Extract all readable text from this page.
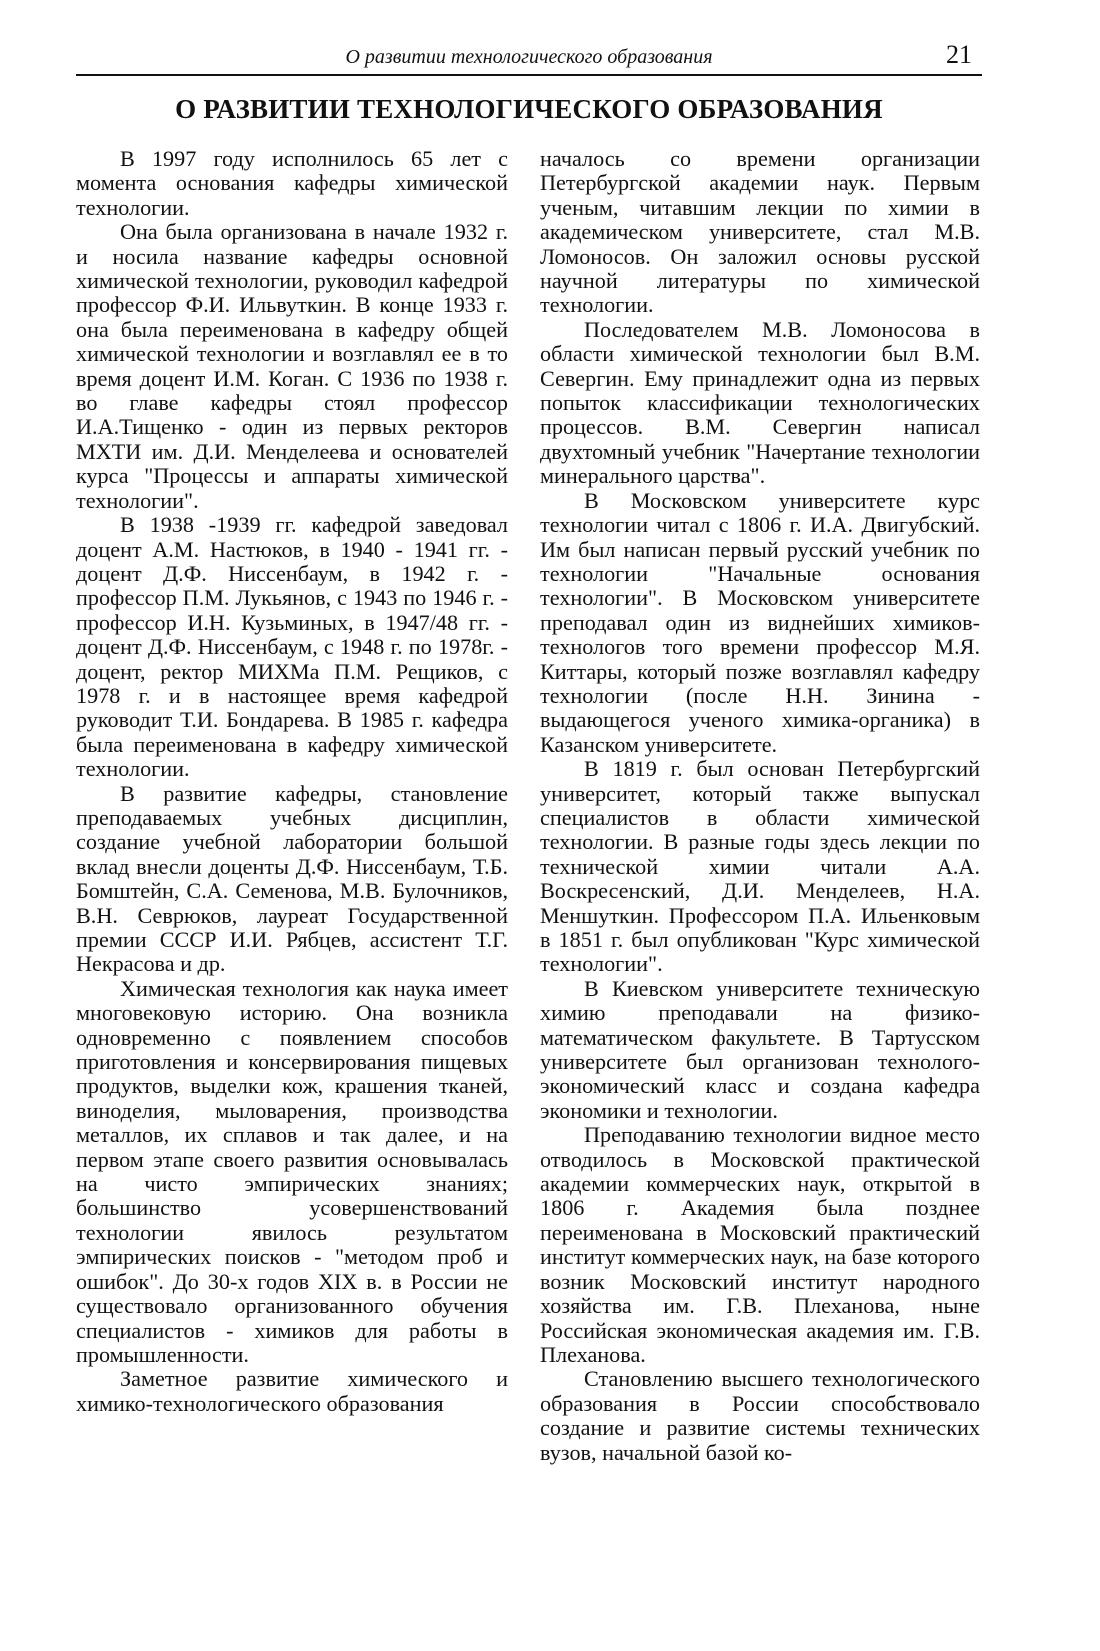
О развитии технологического образования	21
О РАЗВИТИИ ТЕХНОЛОГИЧЕСКОГО ОБРАЗОВАНИЯ

В 1997 году исполнилось 65 лет с момента основания кафедры химической технологии.

Она была организована в начале 1932 г. и носила название кафедры основной химической технологии, руководил кафедрой профессор Ф.И. Ильвуткин. В конце 1933 г. она была переименована в кафедру общей химической технологии и возглавлял ее в то время доцент И.М. Коган. С 1936 по 1938 г. во главе кафедры стоял профессор И.А.Тищенко - один из первых ректоров МХТИ им. Д.И. Менделеева и основателей курса "Процессы и аппараты химической технологии".

В 1938 -1939 гг. кафедрой заведовал доцент А.М. Настюков, в 1940 - 1941 гг. - доцент Д.Ф. Ниссенбаум, в 1942 г. - профессор П.М. Лукьянов, с 1943 по 1946 г. - профессор И.Н. Кузьминых, в 1947/48 гг. - доцент Д.Ф. Ниссенбаум, с 1948 г. по 1978г. - доцент, ректор МИХМа П.М. Рещиков, с 1978 г. и в настоящее время кафедрой руководит Т.И. Бондарева. В 1985 г. кафедра была переименована в кафедру химической технологии.

В развитие кафедры, становление преподаваемых учебных дисциплин, создание учебной лаборатории большой вклад внесли доценты Д.Ф. Ниссенбаум, Т.Б. Бомштейн, С.А. Семенова, М.В. Булочников, В.Н. Севрюков, лауреат Государственной премии СССР И.И. Рябцев, ассистент Т.Г. Некрасова и др.

Химическая технология как наука имеет многовековую историю. Она возникла одновременно с появлением способов приготовления и консервирования пищевых продуктов, выделки кож, крашения тканей, виноделия, мыловарения, производства металлов, их сплавов и так далее, и на первом этапе своего развития основывалась на чисто эмпирических знаниях; большинство усовершенствований технологии явилось результатом эмпирических поисков - "методом проб и ошибок". До 30-х годов XIX в. в России не существовало организованного обучения специалистов - химиков для работы в промышленности.

Заметное развитие химического и химико-технологического образования

началось со времени организации Петербургской академии наук. Первым ученым, читавшим лекции по химии в академическом университете, стал М.В. Ломоносов. Он заложил основы русской научной литературы по химической технологии.

Последователем М.В. Ломоносова в области химической технологии был В.М. Севергин. Ему принадлежит одна из первых попыток классификации технологических процессов. В.М. Севергин написал двухтомный учебник "Начертание технологии минерального царства".

В Московском университете курс технологии читал с 1806 г. И.А. Двигубский. Им был написан первый русский учебник по технологии "Начальные основания технологии". В Московском университете преподавал один из виднейших химиков-технологов того времени профессор М.Я. Киттары, который позже возглавлял кафедру технологии (после Н.Н. Зинина - выдающегося ученого химика-органика) в Казанском университете.

В 1819 г. был основан Петербургский университет, который также выпускал специалистов в области химической технологии. В разные годы здесь лекции по технической химии читали А.А. Воскресенский, Д.И. Менделеев, Н.А. Меншуткин. Профессором П.А. Ильенковым в 1851 г. был опубликован "Курс химической технологии".

В Киевском университете техническую химию преподавали на физико-математическом факультете. В Тартусском университете был организован технолого-экономический класс и создана кафедра экономики и технологии.

Преподаванию технологии видное место отводилось в Московской практической академии коммерческих наук, открытой в 1806 г. Академия была позднее переименована в Московский практический институт коммерческих наук, на базе которого возник Московский институт народного хозяйства им. Г.В. Плеханова, ныне Российская экономическая академия им. Г.В. Плеханова.

Становлению высшего технологического образования в России способствовало создание и развитие системы технических вузов, начальной базой ко-
